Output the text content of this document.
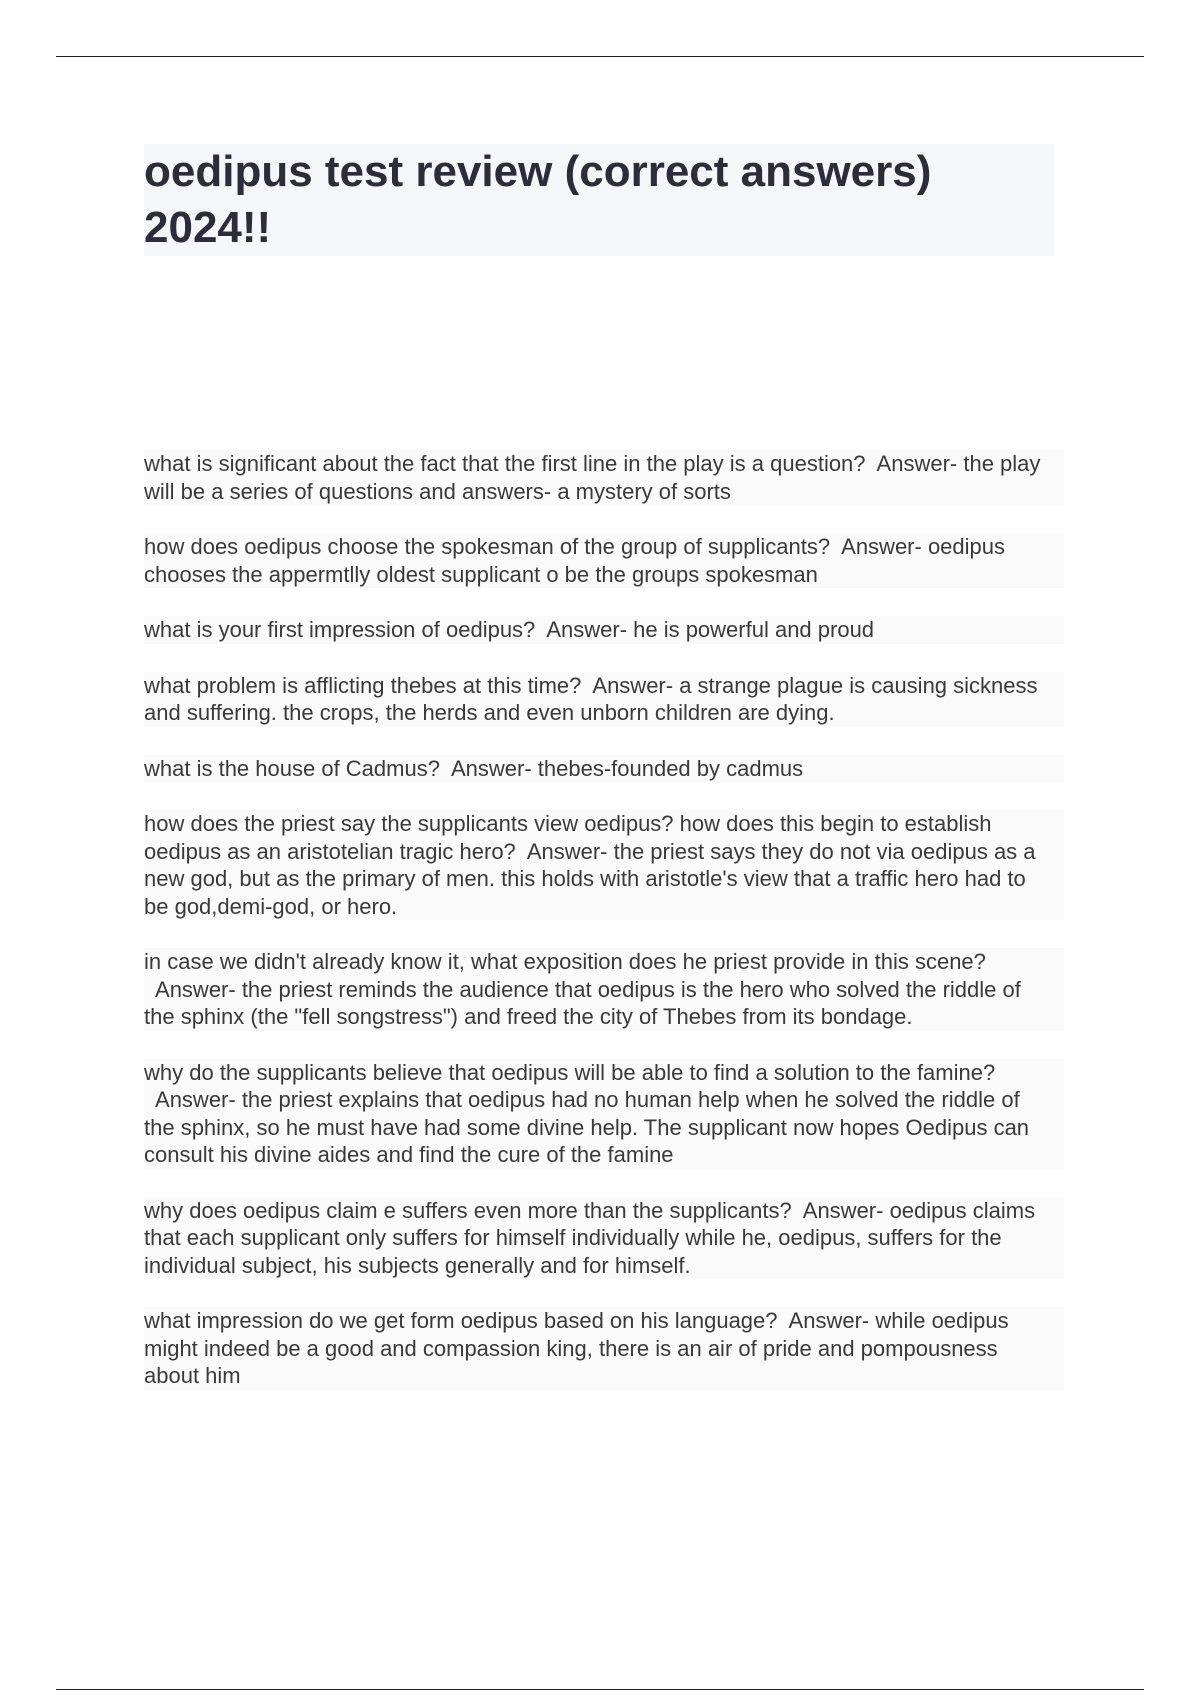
oedipus test review (correct answers) 2024!!

what is significant about the fact that the first line in the play is a question? Answer- the play will be a series of questions and answers- a mystery of sorts

how does oedipus choose the spokesman of the group of supplicants? Answer- oedipus chooses the appermtlly oldest supplicant o be the groups spokesman

what is your first impression of oedipus? Answer- he is powerful and proud

what problem is afflicting thebes at this time? Answer- a strange plague is causing sickness and suffering. the crops, the herds and even unborn children are dying.

what is the house of Cadmus? Answer- thebes-founded by cadmus

how does the priest say the supplicants view oedipus? how does this begin to establish oedipus as an aristotelian tragic hero? Answer- the priest says they do not via oedipus as a new god, but as the primary of men. this holds with aristotle's view that a traffic hero had to be god,demi-god, or hero.

in case we didn't already know it, what exposition does he priest provide in this scene?  Answer- the priest reminds the audience that oedipus is the hero who solved the riddle of the sphinx (the "fell songstress") and freed the city of Thebes from its bondage.

why do the supplicants believe that oedipus will be able to find a solution to the famine?  Answer- the priest explains that oedipus had no human help when he solved the riddle of the sphinx, so he must have had some divine help. The supplicant now hopes Oedipus can consult his divine aides and find the cure of the famine

why does oedipus claim e suffers even more than the supplicants? Answer- oedipus claims that each supplicant only suffers for himself individually while he, oedipus, suffers for the individual subject, his subjects generally and for himself.

what impression do we get form oedipus based on his language? Answer- while oedipus might indeed be a good and compassion king, there is an air of pride and pompousness about him
